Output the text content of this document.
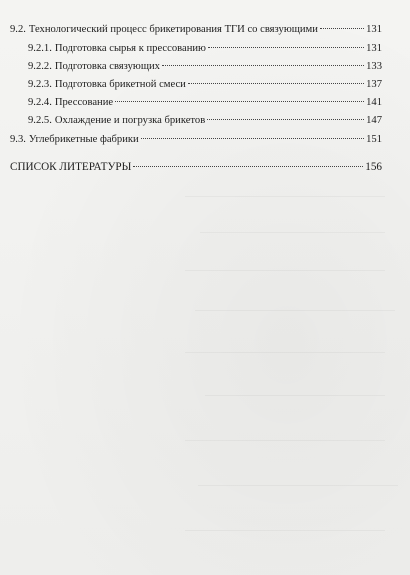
9.2. Технологический процесс брикетирования ТГИ со связующими	131
9.2.1. Подготовка сырья к прессованию	131
9.2.2. Подготовка связующих	133
9.2.3. Подготовка брикетной смеси	137
9.2.4. Прессование	141
9.2.5. Охлаждение и погрузка брикетов	147
9.3. Углебрикетные фабрики	151
СПИСОК ЛИТЕРАТУРЫ	156
